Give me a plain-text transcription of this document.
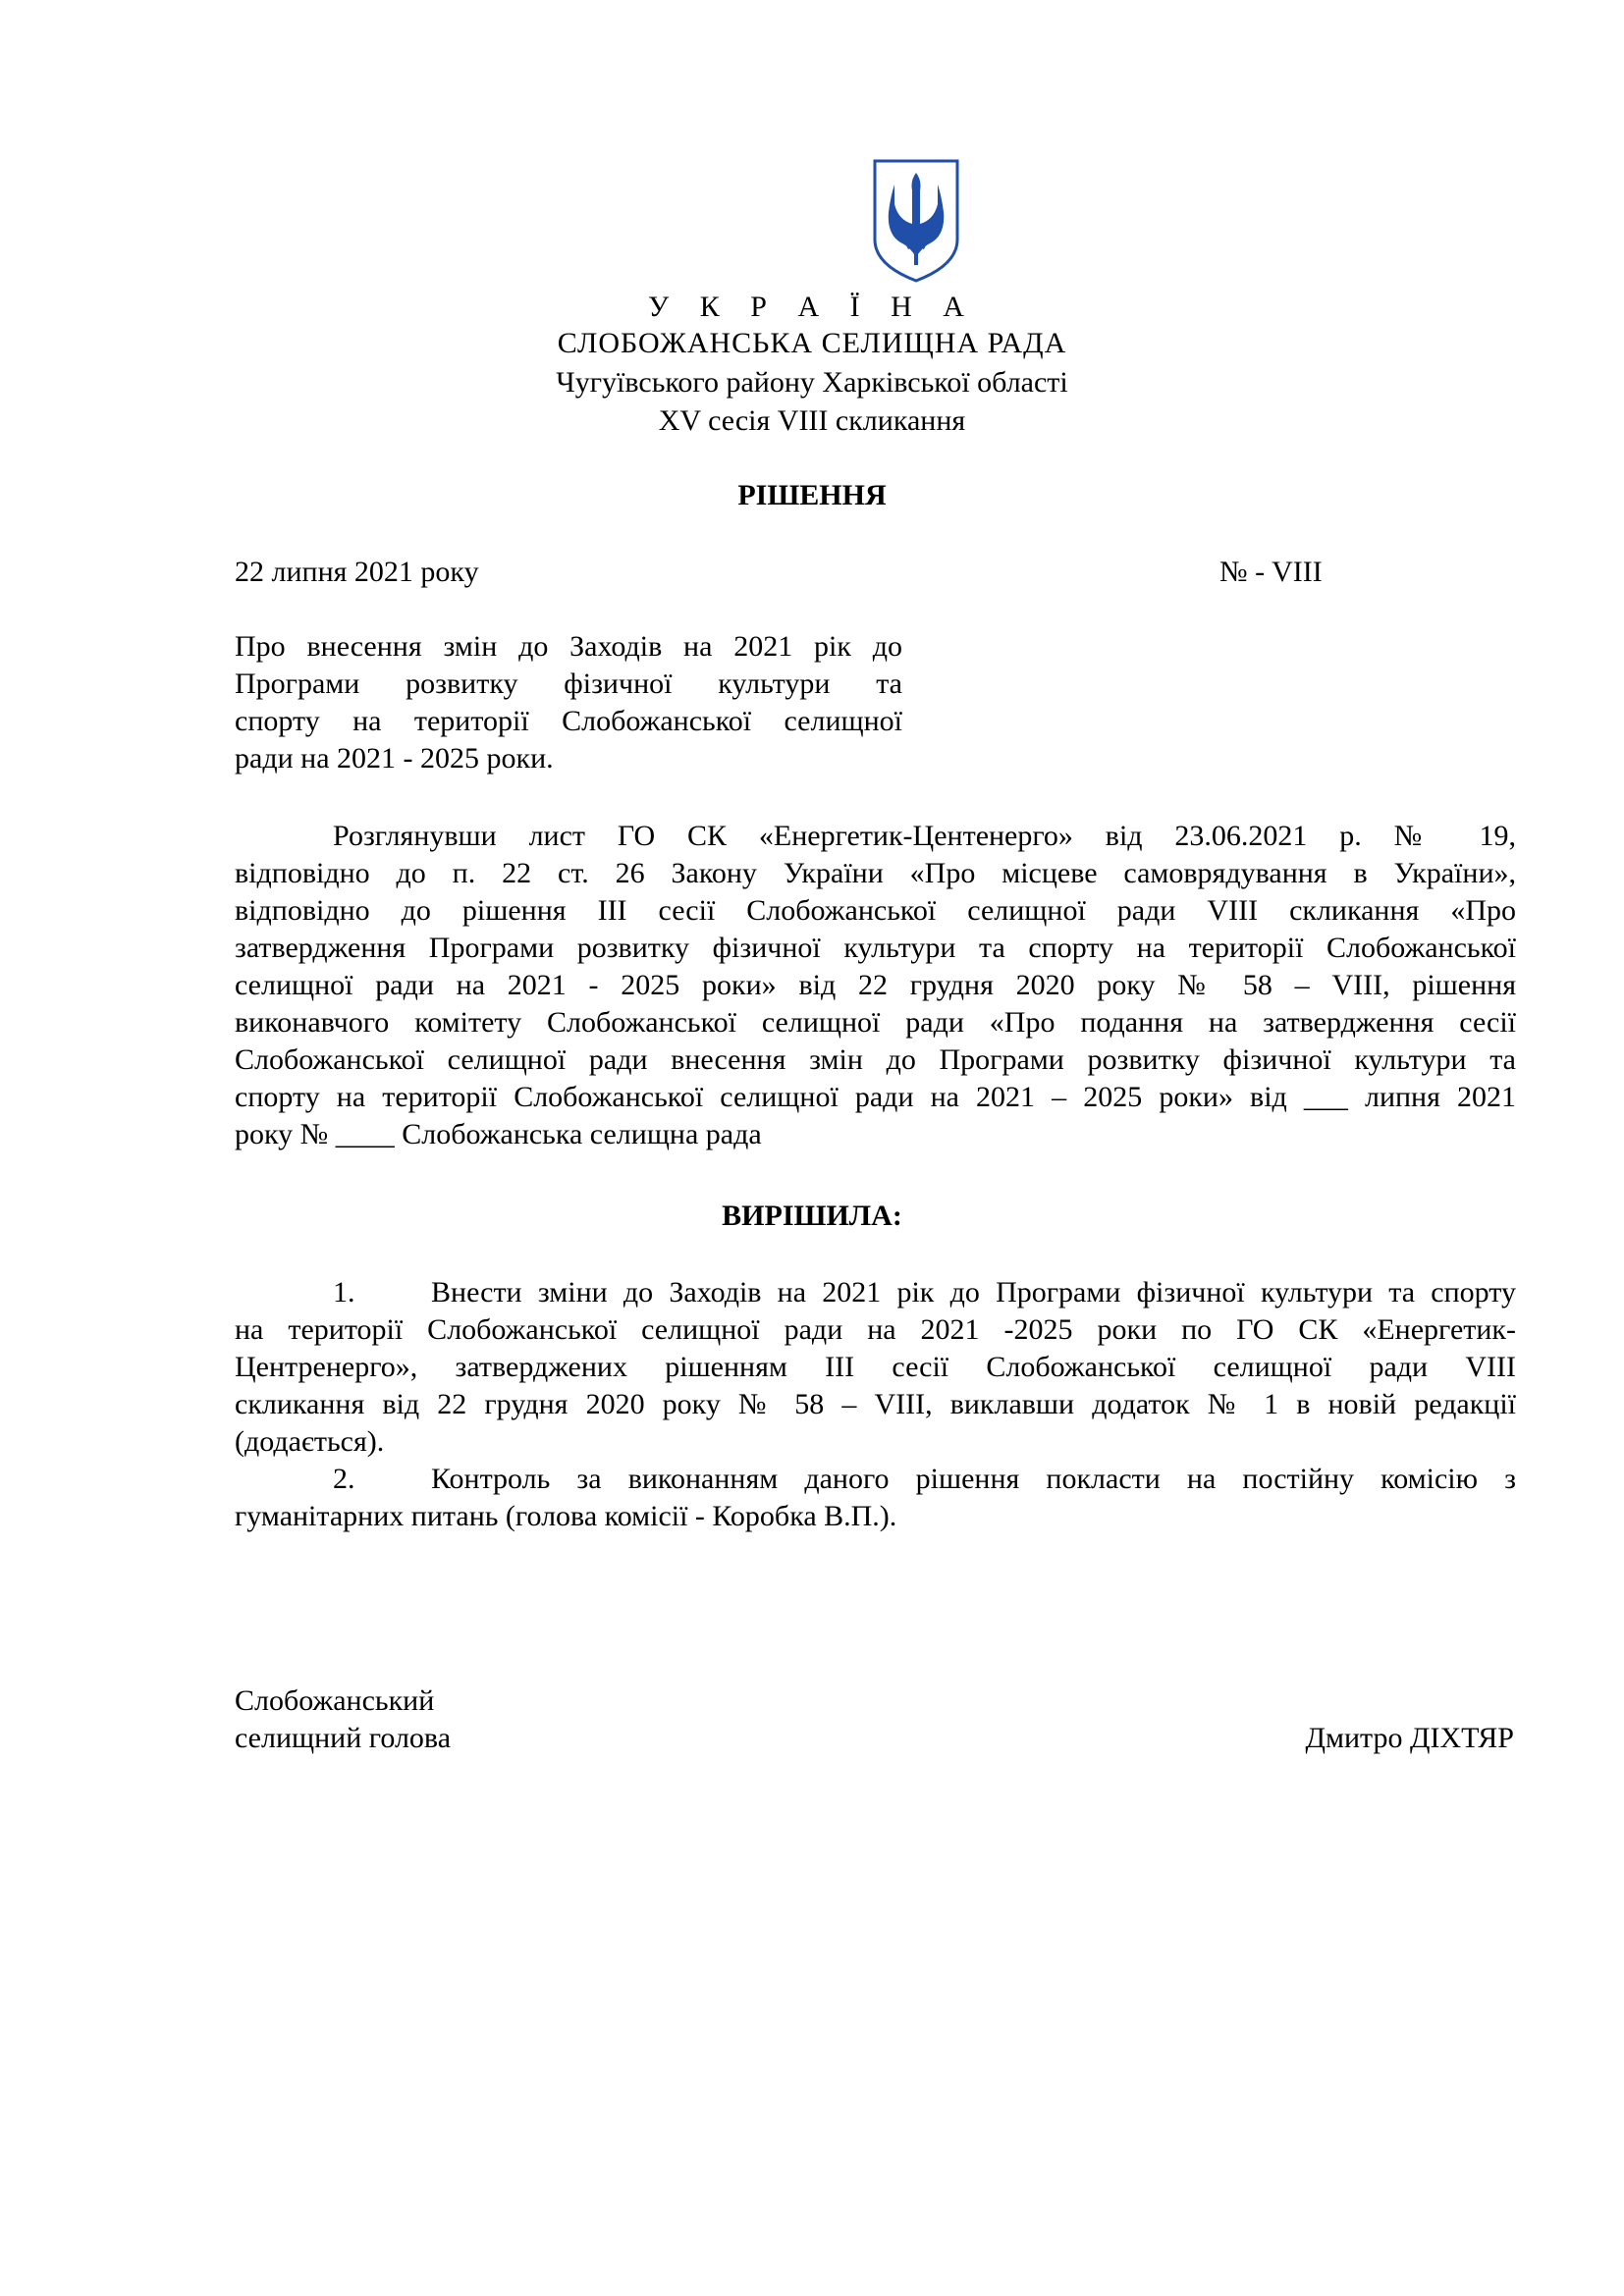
У К Р А Ї Н А
СЛОБОЖАНСЬКА СЕЛИЩНА РАДА
Чугуївського району Харківської області
XV сесія VIII скликання
РІШЕННЯ
22 липня 2021 року	№ - VIII
Про внесення змін до Заходів на 2021 рік до
Програми розвитку фізичної культури та
спорту на території Слобожанської селищної
ради на 2021 - 2025 роки.
Розглянувши лист ГО СК «Енергетик-Центенерго» від 23.06.2021 р. № 19,
відповідно до п. 22 ст. 26 Закону України «Про місцеве самоврядування в України»,
відповідно до рішення ІІІ сесії Слобожанської селищної ради VIII скликання «Про
затвердження Програми розвитку фізичної культури та спорту на території Слобожанської
селищної ради на 2021 - 2025 роки» від 22 грудня 2020 року № 58 – VIII, рішення
виконавчого комітету Слобожанської селищної ради «Про подання на затвердження сесії
Слобожанської селищної ради внесення змін до Програми розвитку фізичної культури та
спорту на території Слобожанської селищної ради на 2021 – 2025 роки» від ___ липня 2021
року № ____ Слобожанська селищна рада
ВИРІШИЛА:
1.	Внести зміни до Заходів на 2021 рік до Програми фізичної культури та спорту
на території Слобожанської селищної ради на 2021 -2025 роки по ГО СК «Енергетик-
Центренерго», затверджених рішенням ІІІ сесії Слобожанської селищної ради VIII
скликання від 22 грудня 2020 року № 58 – VIII, виклавши додаток № 1 в новій редакції
(додається).
2.	Контроль за виконанням даного рішення покласти на постійну комісію з
гуманітарних питань (голова комісії - Коробка В.П.).
Слобожанський
селищний голова	Дмитро ДІХТЯР
